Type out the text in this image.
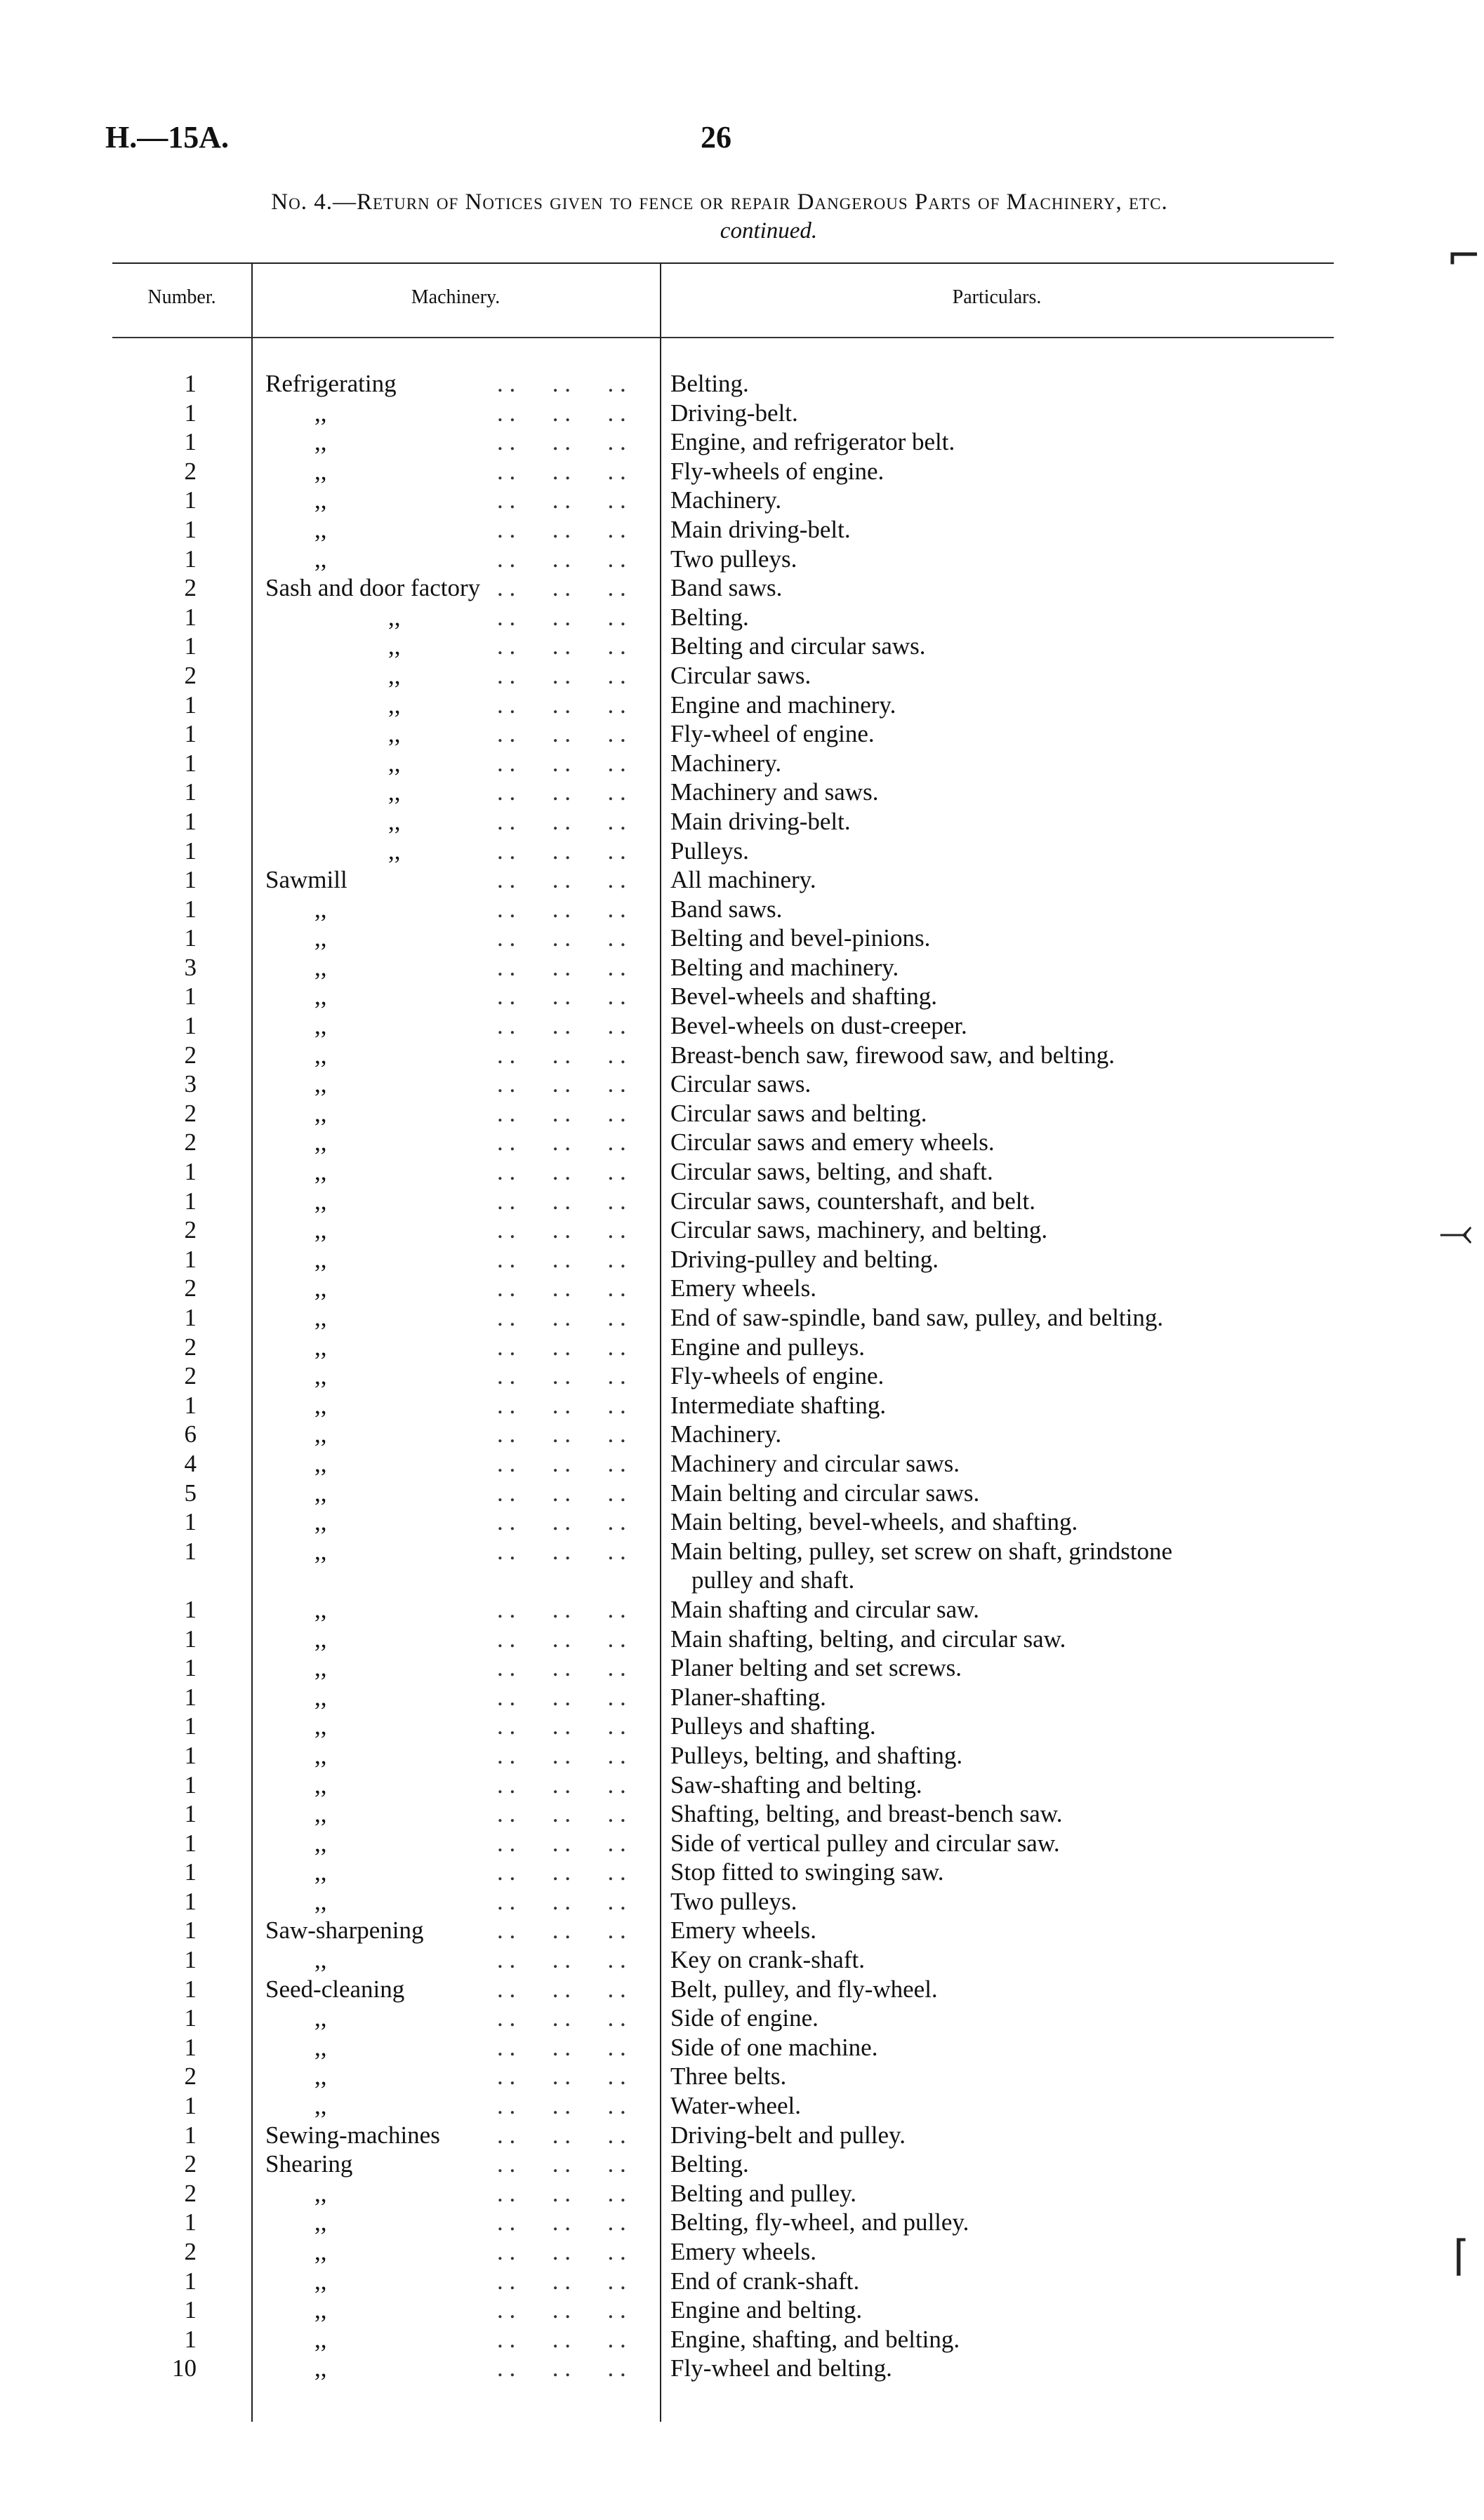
H.—15A.	26
No. 4.—Return of Notices given to fence or repair Dangerous Parts of Machinery, etc.
continued.
Number.	Machinery.	Particulars.
1	Refrigerating	. .      . .      . .	Belting.
1	,,	. .      . .      . .	Driving-belt.
1	,,	. .      . .      . .	Engine, and refrigerator belt.
2	,,	. .      . .      . .	Fly-wheels of engine.
1	,,	. .      . .      . .	Machinery.
1	,,	. .      . .      . .	Main driving-belt.
1	,,	. .      . .      . .	Two pulleys.
2	Sash and door factory . .      . .      . .	Band saws.
1	,,	. .      . .      . .	Belting.
1	,,	. .      . .      . .	Belting and circular saws.
2	,,	. .      . .      . .	Circular saws.
1	,,	. .      . .      . .	Engine and machinery.
1	,,	. .      . .      . .	Fly-wheel of engine.
1	,,	. .      . .      . .	Machinery.
1	,,	. .      . .      . .	Machinery and saws.
1	,,	. .      . .      . .	Main driving-belt.
1	,,	. .      . .      . .	Pulleys.
1	Sawmill	. .      . .      . .	All machinery.
1	,,	. .      . .      . .	Band saws.
1	,,	. .      . .      . .	Belting and bevel-pinions.
3	,,	. .      . .      . .	Belting and machinery.
1	,,	. .      . .      . .	Bevel-wheels and shafting.
1	,,	. .      . .      . .	Bevel-wheels on dust-creeper.
2	,,	. .      . .      . .	Breast-bench saw, firewood saw, and belting.
3	,,	. .      . .      . .	Circular saws.
2	,,	. .      . .      . .	Circular saws and belting.
2	,,	. .      . .      . .	Circular saws and emery wheels.
1	,,	. .      . .      . .	Circular saws, belting, and shaft.
1	,,	. .      . .      . .	Circular saws, countershaft, and belt.
2	,,	. .      . .      . .	Circular saws, machinery, and belting.
1	,,	. .      . .      . .	Driving-pulley and belting.
2	,,	. .      . .      . .	Emery wheels.
1	,,	. .      . .      . .	End of saw-spindle, band saw, pulley, and belting.
2	,,	. .      . .      . .	Engine and pulleys.
2	,,	. .      . .      . .	Fly-wheels of engine.
1	,,	. .      . .      . .	Intermediate shafting.
6	,,	. .      . .      . .	Machinery.
4	,,	. .      . .      . .	Machinery and circular saws.
5	,,	. .      . .      . .	Main belting and circular saws.
1	,,	. .      . .      . .	Main belting, bevel-wheels, and shafting.
1	,,	. .      . .      . .	Main belting, pulley, set screw on shaft, grindstone
pulley and shaft.
1	,,	. .      . .      . .	Main shafting and circular saw.
1	,,	. .      . .      . .	Main shafting, belting, and circular saw.
1	,,	. .      . .      . .	Planer belting and set screws.
1	,,	. .      . .      . .	Planer-shafting.
1	,,	. .      . .      . .	Pulleys and shafting.
1	,,	. .      . .      . .	Pulleys, belting, and shafting.
1	,,	. .      . .      . .	Saw-shafting and belting.
1	,,	. .      . .      . .	Shafting, belting, and breast-bench saw.
1	,,	. .      . .      . .	Side of vertical pulley and circular saw.
1	,,	. .      . .      . .	Stop fitted to swinging saw.
1	,,	. .      . .      . .	Two pulleys.
1	Saw-sharpening	. .      . .      . .	Emery wheels.
1	,,	. .      . .      . .	Key on crank-shaft.
1	Seed-cleaning	. .      . .      . .	Belt, pulley, and fly-wheel.
1	,,	. .      . .      . .	Side of engine.
1	,,	. .      . .      . .	Side of one machine.
2	,,	. .      . .      . .	Three belts.
1	,,	. .      . .      . .	Water-wheel.
1	Sewing-machines	. .      . .      . .	Driving-belt and pulley.
2	Shearing	. .      . .      . .	Belting.
2	,,	. .      . .      . .	Belting and pulley.
1	,,	. .      . .      . .	Belting, fly-wheel, and pulley.
2	,,	. .      . .      . .	Emery wheels.
1	,,	. .      . .      . .	End of crank-shaft.
1	,,	. .      . .      . .	Engine and belting.
1	,,	. .      . .      . .	Engine, shafting, and belting.
10	,,	. .      . .      . .	Fly-wheel and belting.
⌐
⤙
⌈
